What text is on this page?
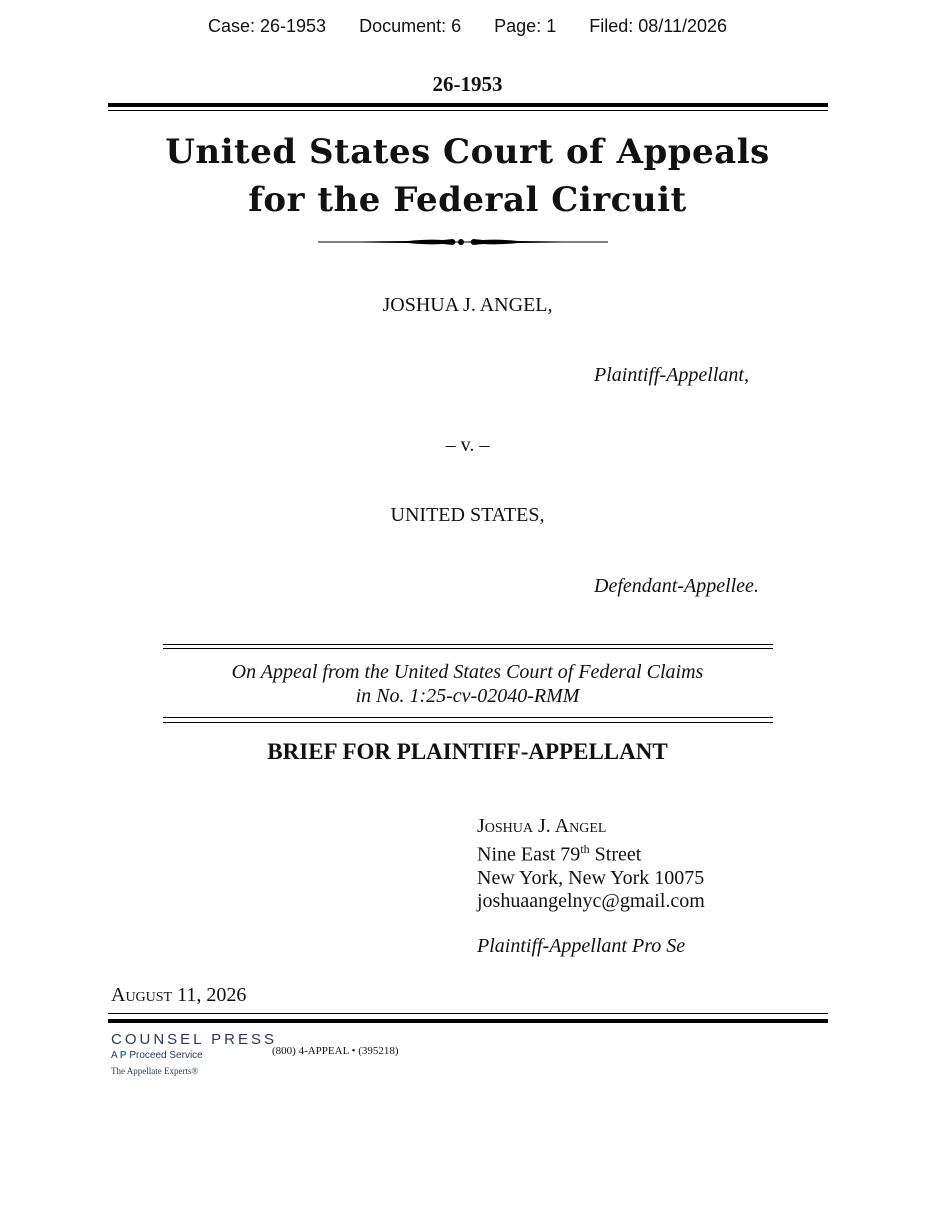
Case: 26-1953 Document: 6 Page: 1 Filed: 08/11/2026
26-1953
United States Court of Appeals
for the Federal Circuit
JOSHUA J. ANGEL,
Plaintiff-Appellant,
– v. –
UNITED STATES,
Defendant-Appellee.
On Appeal from the United States Court of Federal Claims
in No. 1:25-cv-02040-RMM
BRIEF FOR PLAINTIFF-APPELLANT
Joshua J. Angel
Nine East 79th Street
New York, New York 10075
joshuaangelnyc@gmail.com
Plaintiff-Appellant Pro Se
August 11, 2026
COUNSEL PRESS
A P Proceed Service
The Appellate Experts®
(800) 4-APPEAL • (395218)
